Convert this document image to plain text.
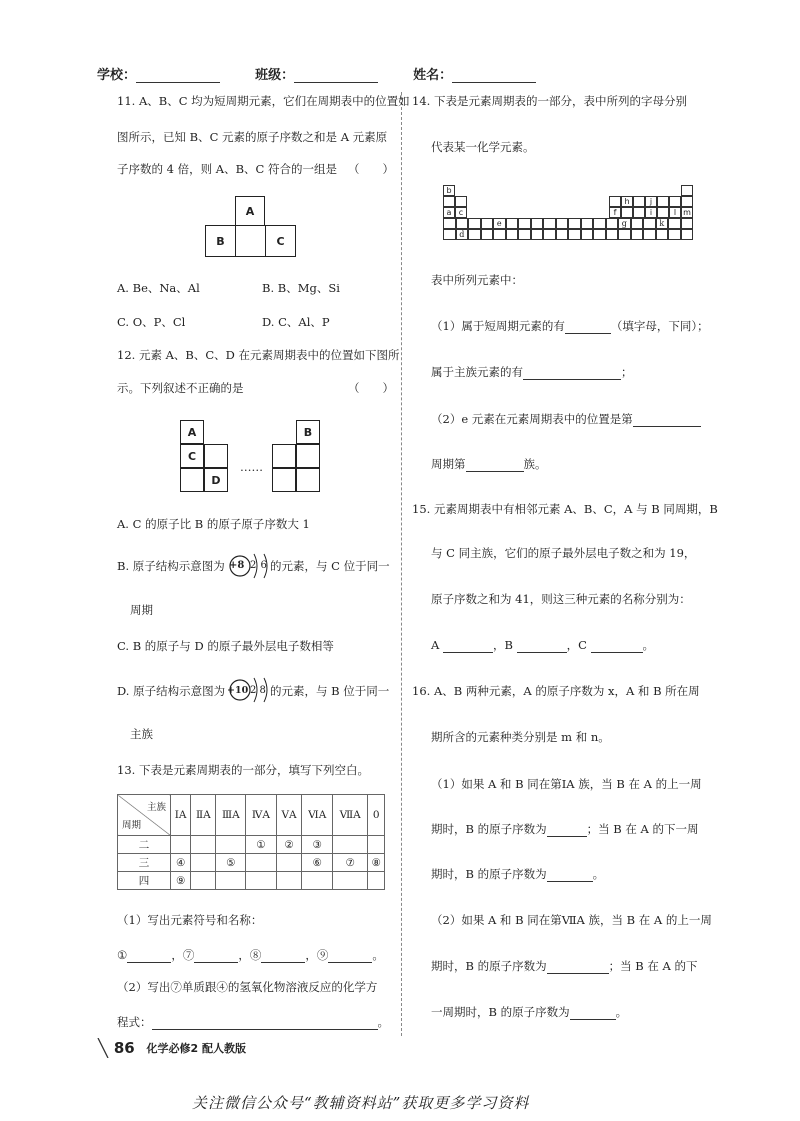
学校：	班级：	姓名：
11. A、B、C 均为短周期元素，它们在周期表中的位置如
图所示，已知 B、C 元素的原子序数之和是 A 元素原
子序数的 4 倍，则 A、B、C 符合的一组是 （　　）
A
B	C
A. Be、Na、Al	B. B、Mg、Si
C. O、P、Cl	D. C、Al、P
12. 元素 A、B、C、D 在元素周期表中的位置如下图所
示。下列叙述不正确的是	（　　）
A
C
D
……
B
A. C 的原子比 B 的原子原子序数大 1
B. 原子结构示意图为 +8 2 6 的元素，与 C 位于同一
周期
C. B 的原子与 D 的原子最外层电子数相等
D. 原子结构示意图为 +10 2 8 的元素，与 B 位于同一
主族
13. 下表是元素周期表的一部分，填写下列空白。
主族
周期	ⅠA	ⅡA	ⅢA	ⅣA	ⅤA	ⅥA	ⅦA	0
二				①	②	③		
三	④		⑤			⑥	⑦	⑧
四	⑨							
（1）写出元素符号和名称：
①	，⑦	，⑧	，⑨	。
（2）写出⑦单质跟④的氢氧化物溶液反应的化学方
程式：	。
14. 下表是元素周期表的一部分，表中所列的字母分别
代表某一化学元素。
b
h	j
a c	f	i	l m
e	g	k
d
表中所列元素中：
（1）属于短周期元素的有	（填字母，下同）；
属于主族元素的有	；
（2）e 元素在元素周期表中的位置是第
周期第	族。
15. 元素周期表中有相邻元素 A、B、C，A 与 B 同周期，B
与 C 同主族，它们的原子最外层电子数之和为 19，
原子序数之和为 41，则这三种元素的名称分别为：
A	，B	，C	。
16. A、B 两种元素，A 的原子序数为 x，A 和 B 所在周
期所含的元素种类分别是 m 和 n。
（1）如果 A 和 B 同在第ⅠA 族，当 B 在 A 的上一周
期时，B 的原子序数为	；当 B 在 A 的下一周
期时，B 的原子序数为	。
（2）如果 A 和 B 同在第ⅦA 族，当 B 在 A 的上一周
期时，B 的原子序数为	；当 B 在 A 的下
一周期时，B 的原子序数为	。
86 化学必修2 配人教版
关注微信公众号“教辅资料站”获取更多学习资料
